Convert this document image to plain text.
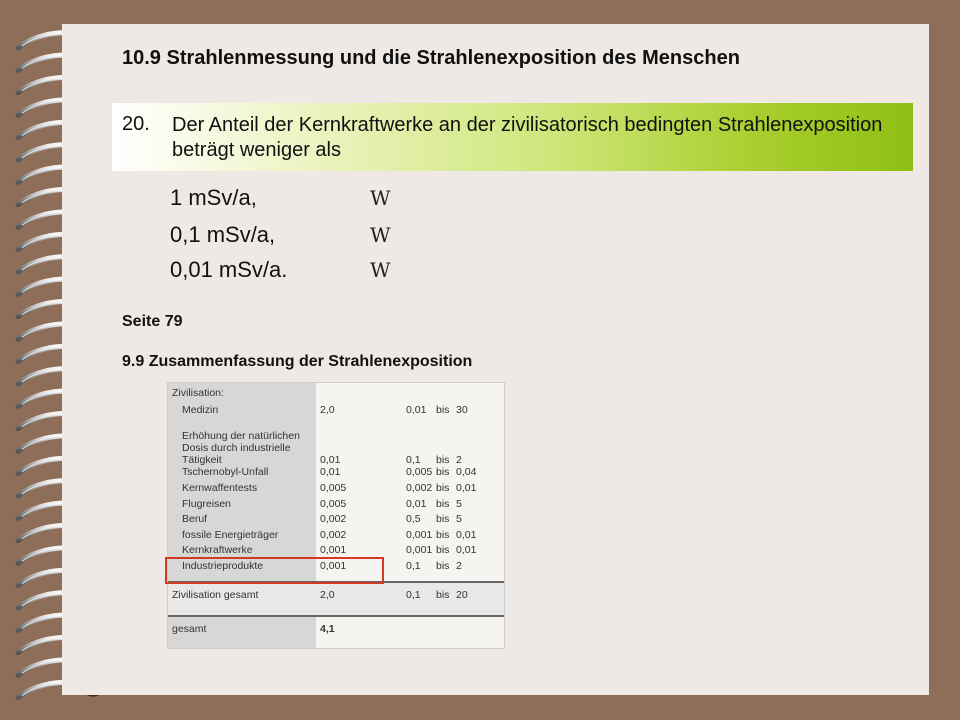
10.9 Strahlenmessung und die Strahlenexposition des Menschen
20. Der Anteil der Kernkraftwerke an der zivilisatorisch bedingten Strahlenexposition beträgt weniger als
1 mSv/a,	W
0,1 mSv/a,	W
0,01 mSv/a.	W
Seite 79
9.9 Zusammenfassung der Strahlenexposition
Zivilisation:		
Medizin	2,0	0,01 bis 30
Erhöhung der natürlichen Dosis durch industrielle Tätigkeit	0,01	0,1 bis 2
Tschernobyl-Unfall	0,01	0,005 bis 0,04
Kernwaffentests	0,005	0,002 bis 0,01
Flugreisen	0,005	0,01 bis 5
Beruf	0,002	0,5 bis 5
fossile Energieträger	0,002	0,001 bis 0,01
Kernkraftwerke	0,001	0,001 bis 0,01
Industrieprodukte	0,001	0,1 bis 2
Zivilisation gesamt	2,0	0,1 bis 20
gesamt	4,1	
